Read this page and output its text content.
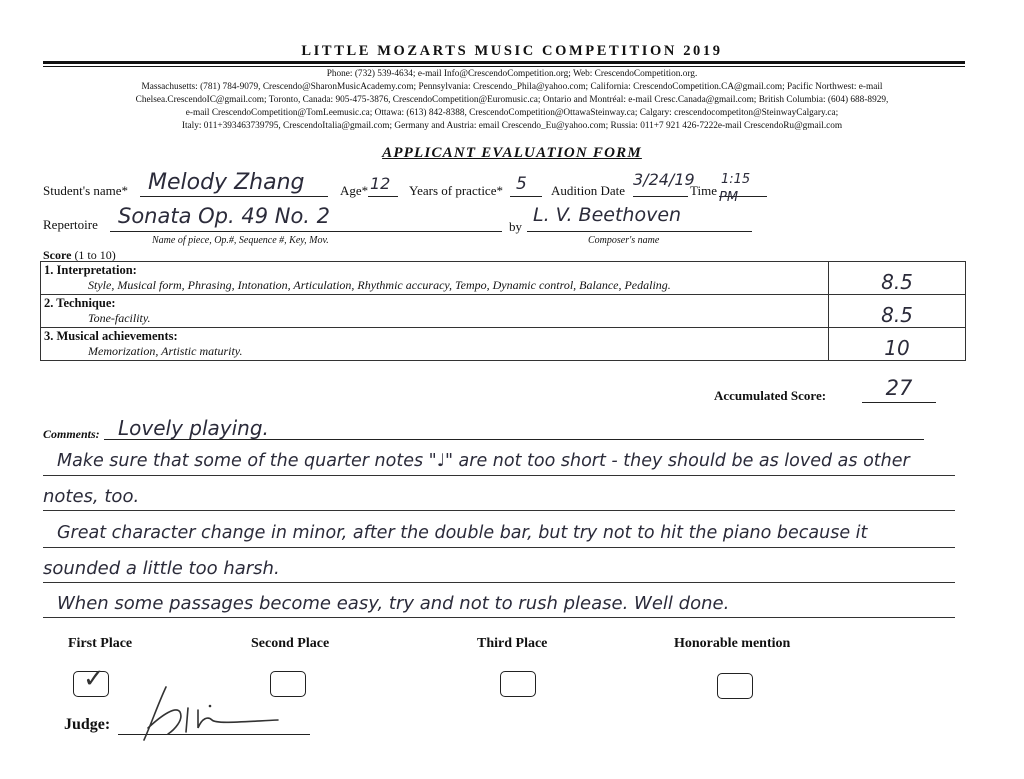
LITTLE MOZARTS MUSIC COMPETITION 2019
Phone: (732) 539-4634; e-mail Info@CrescendoCompetition.org; Web: CrescendoCompetition.org.
Massachusetts: (781) 784-9079, Crescendo@SharonMusicAcademy.com; Pennsylvania: Crescendo_Phila@yahoo.com; California: CrescendoCompetition.CA@gmail.com; Pacific Northwest: e-mail
Chelsea.CrescendoIC@gmail.com; Toronto, Canada: 905-475-3876, CrescendoCompetition@Euromusic.ca; Ontario and Montréal: e-mail Cresc.Canada@gmail.com; British Columbia: (604) 688-8929,
e-mail CrescendoCompetition@TomLeemusic.ca; Ottawa: (613) 842-8388, CrescendoCompetition@OttawaSteinway.ca; Calgary: crescendocompetiton@SteinwayCalgary.ca;
Italy: 011+393463739795, CrescendoItalia@gmail.com; Germany and Austria: email Crescendo_Eu@yahoo.com; Russia: 011+7 921 426-7222e-mail CrescendoRu@gmail.com
APPLICANT EVALUATION FORM
Student's name* Melody Zhang	Age* 12	Years of practice* 5	Audition Date
3/24/19
Time
1:15 PM
Repertoire Sonata Op. 49 No. 2	by
L. V. Beethoven
Name of piece, Op.#, Sequence #, Key, Mov.	Composer's name
Score (1 to 10)
1. Interpretation:
Style, Musical form, Phrasing, Intonation, Articulation, Rhythmic accuracy, Tempo, Dynamic control, Balance, Pedaling.	8.5

2. Technique:
Tone-facility.	8.5

3. Musical achievements:
Memorization, Artistic maturity.	10
Accumulated Score:	27
Comments: Lovely playing.
Make sure that some of the quarter notes "♩" are not too short - they should be as loved as other
notes, too.
Great character change in minor, after the double bar, but try not to hit the piano because it
sounded a little too harsh.
When some passages become easy, try and not to rush please. Well done.
First Place	Second Place	Third Place	Honorable mention
✓
Judge:
